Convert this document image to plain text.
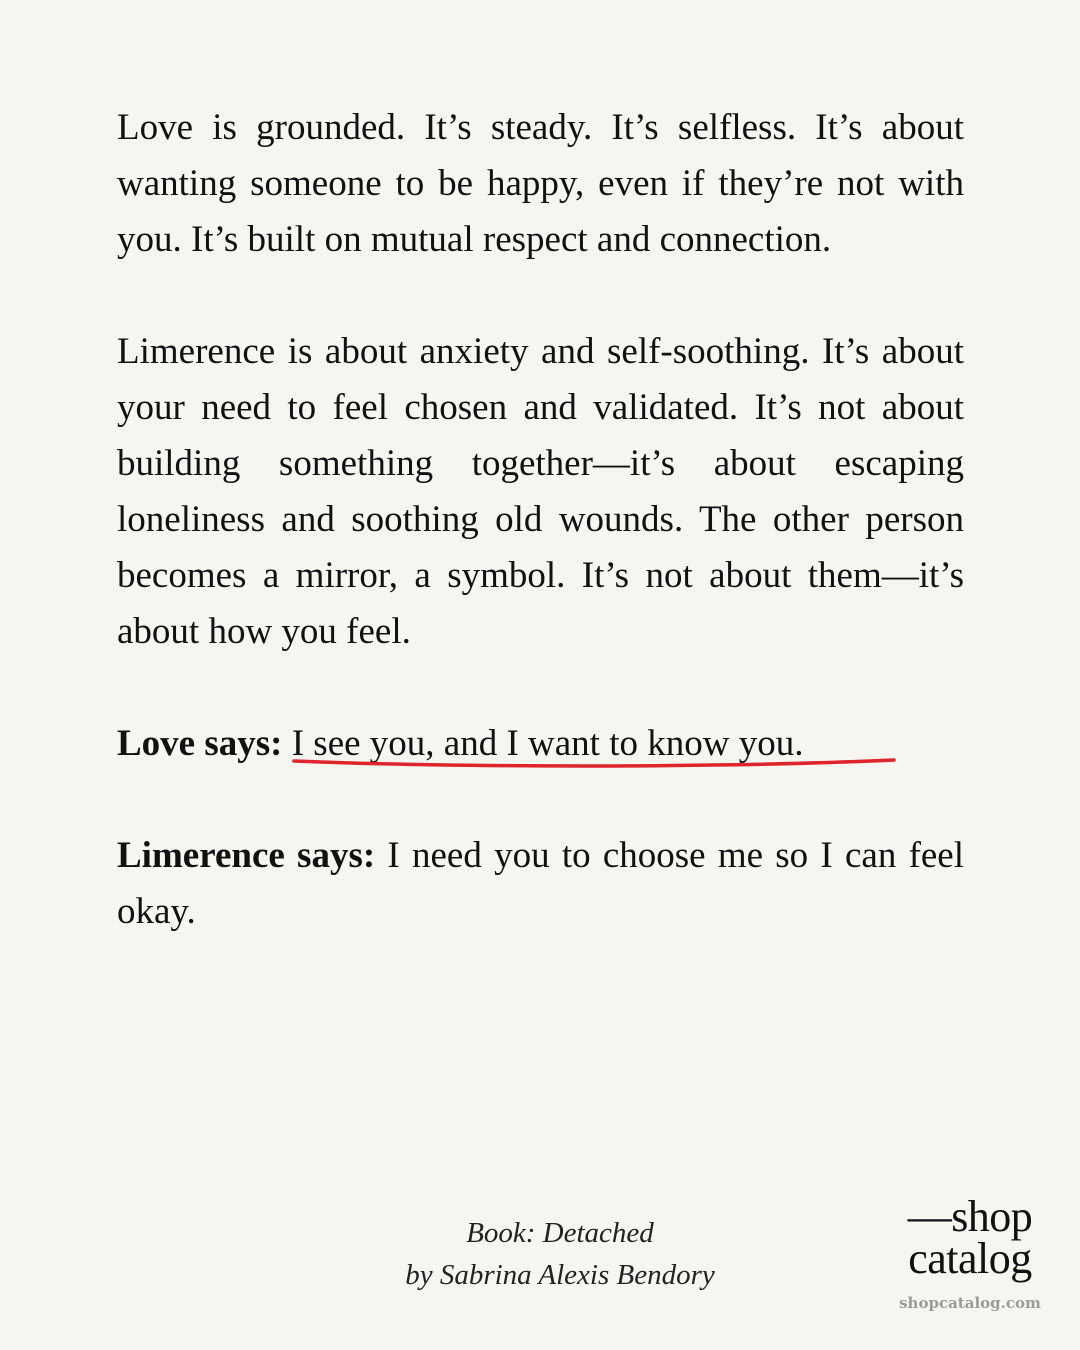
Love is grounded. It’s steady. It’s selfless. It’s about wanting someone to be happy, even if they’re not with you. It’s built on mutual respect and connection.

Limerence is about anxiety and self-soothing. It’s about your need to feel chosen and validated. It’s not about building something together—it’s about escaping loneliness and soothing old wounds. The other person becomes a mirror, a symbol. It’s not about them—it’s about how you feel.

Love says: I see you, and I want to know you.

Limerence says: I need you to choose me so I can feel okay.

Book: Detached
by Sabrina Alexis Bendory
—shop
catalog
shopcatalog.com
